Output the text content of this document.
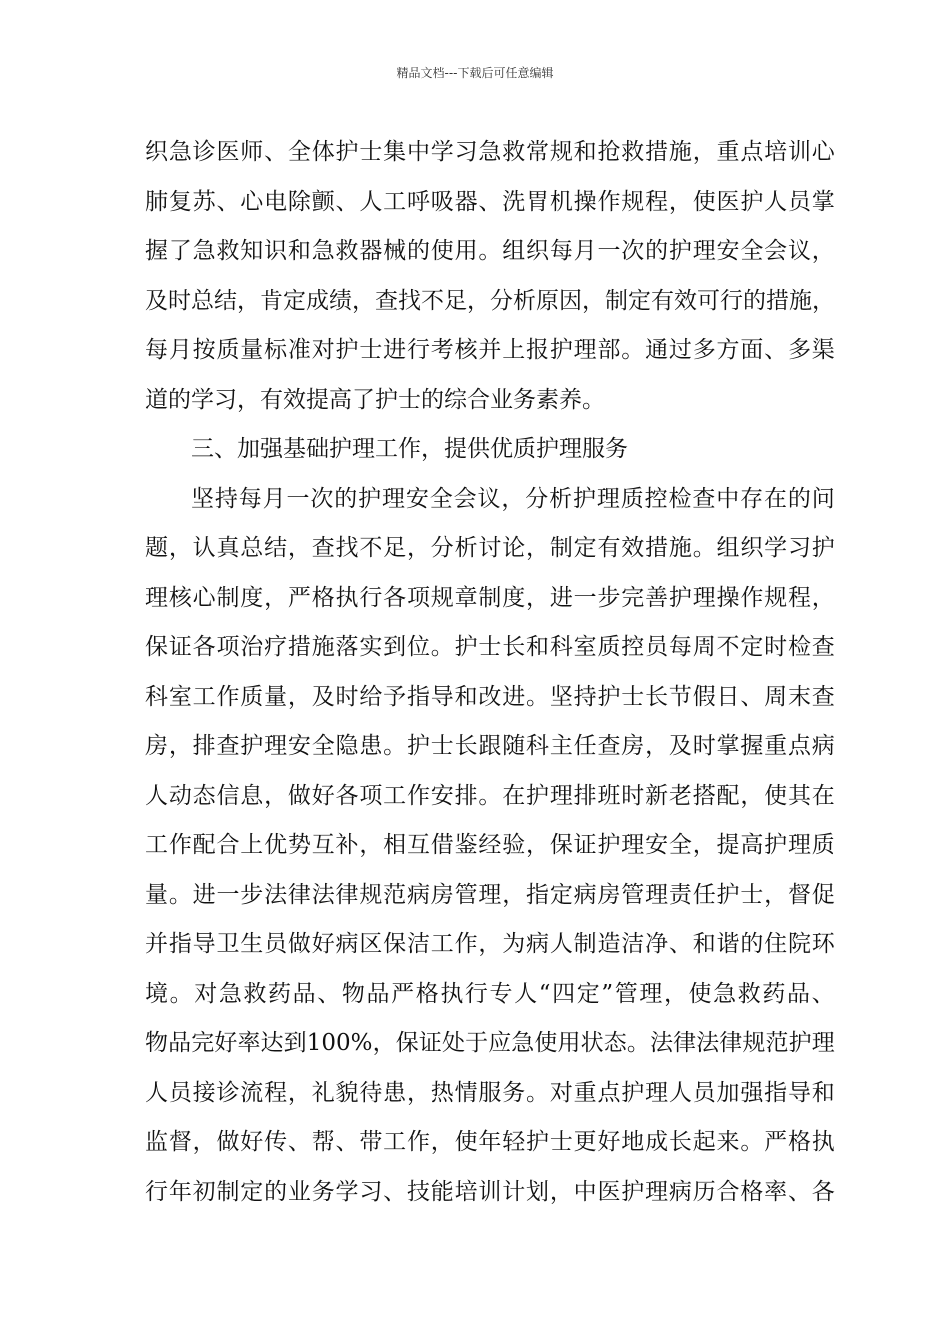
精品文档---下载后可任意编辑
织 急 诊 医 师 、 全 体 护 士 集 中 学 习 急 救 常 规 和 抢 救 措 施 ， 重 点 培 训 心
肺 复 苏 、 心 电 除 颤 、 人 工 呼 吸 器 、 洗 胃 机 操 作 规 程 ， 使 医 护 人 员 掌
握 了 急 救 知 识 和 急 救 器 械 的 使 用 。 组 织 每 月 一 次 的 护 理 安 全 会 议 ，
及 时 总 结 ， 肯 定 成 绩 ， 查 找 不 足 ， 分 析 原 因 ， 制 定 有 效 可 行 的 措 施 ，
每 月 按 质 量 标 准 对 护 士 进 行 考 核 并 上 报 护 理 部 。 通 过 多 方 面 、 多 渠
道的学习，有效提高了护士的综合业务素养。
三、加强基础护理工作，提供优质护理服务
坚 持 每 月 一 次 的 护 理 安 全 会 议 ， 分 析 护 理 质 控 检 查 中 存 在 的 问
题 ， 认 真 总 结 ， 查 找 不 足 ， 分 析 讨 论 ， 制 定 有 效 措 施 。 组 织 学 习 护
理 核 心 制 度 ， 严 格 执 行 各 项 规 章 制 度 ， 进 一 步 完 善 护 理 操 作 规 程 ，
保 证 各 项 治 疗 措 施 落 实 到 位 。 护 士 长 和 科 室 质 控 员 每 周 不 定 时 检 查
科 室 工 作 质 量 ， 及 时 给 予 指 导 和 改 进 。 坚 持 护 士 长 节 假 日 、 周 末 查
房 ， 排 查 护 理 安 全 隐 患 。 护 士 长 跟 随 科 主 任 查 房 ， 及 时 掌 握 重 点 病
人 动 态 信 息 ， 做 好 各 项 工 作 安 排 。 在 护 理 排 班 时 新 老 搭 配 ， 使 其 在
工 作 配 合 上 优 势 互 补 ， 相 互 借 鉴 经 验 ， 保 证 护 理 安 全 ， 提 高 护 理 质
量 。 进 一 步 法 律 法 律 规 范 病 房 管 理 ， 指 定 病 房 管 理 责 任 护 士 ， 督 促
并 指 导 卫 生 员 做 好 病 区 保 洁 工 作 ， 为 病 人 制 造 洁 净 、 和 谐 的 住 院 环
境 。 对 急 救 药 品 、 物 品 严 格 执 行 专 人 “ 四 定 ” 管 理 ， 使 急 救 药 品 、
物 品 完 好 率 达 到 100% ， 保 证 处 于 应 急 使 用 状 态 。 法 律 法 律 规 范 护 理
人 员 接 诊 流 程 ， 礼 貌 待 患 ， 热 情 服 务 。 对 重 点 护 理 人 员 加 强 指 导 和
监 督 ， 做 好 传 、 帮 、 带 工 作 ， 使 年 轻 护 士 更 好 地 成 长 起 来 。 严 格 执
行 年 初 制 定 的 业 务 学 习 、 技 能 培 训 计 划 ， 中 医 护 理 病 历 合 格 率 、 各
